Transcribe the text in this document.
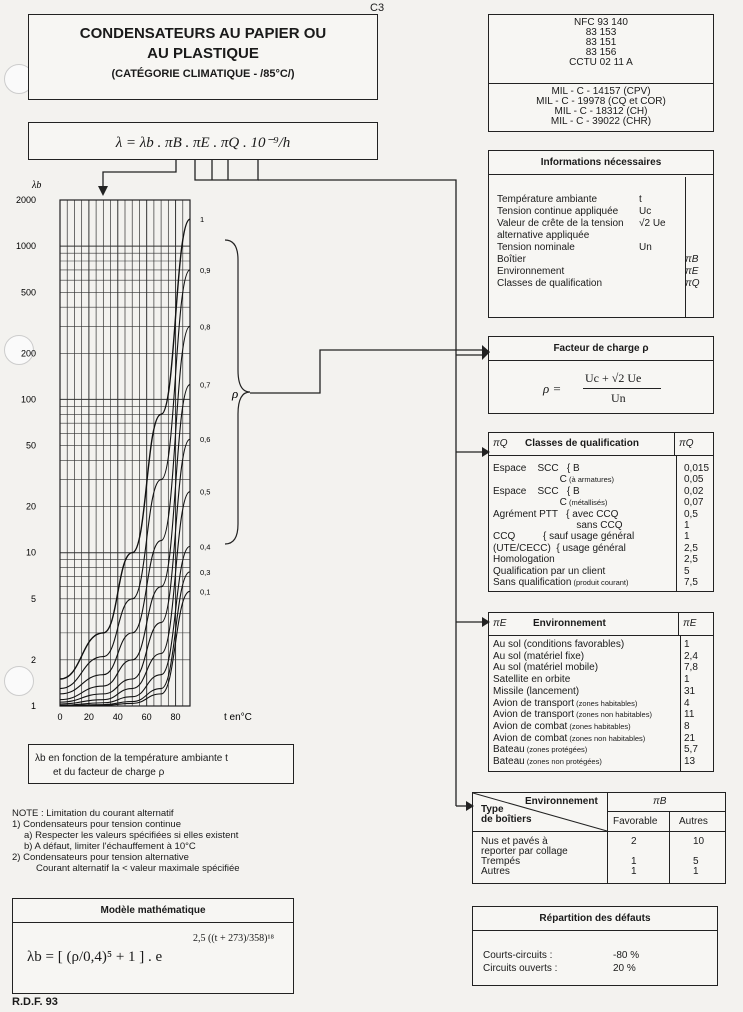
C3
CONDENSATEURS AU PAPIER OU
AU PLASTIQUE
(CATÉGORIE CLIMATIQUE - /85°C/)
NFC 93 140
83 153
83 151
83 156
CCTU 02 11 A
MIL - C - 14157 (CPV)
MIL - C - 19978 (CQ et COR)
MIL - C - 18312 (CH)
MIL - C - 39022 (CHR)
λ = λb . πB . πE . πQ . 10⁻⁹/h
Informations nécessaires
Température ambiante	t
Tension continue appliquée	Uc
Valeur de crête de la tension	√2 Ue
alternative appliquée
Tension nominale	Un
Boîtier	πB
Environnement	πE
Classes de qualification	πQ
Facteur de charge ρ
ρ =
Uc + √2 Ue
Un
πQ	Classes de qualification	πQ
Espace    SCC   { B	0,015
C (à armatures)	0,05
Espace    SCC   { B	0,02
C (métallisés)	0,07
Agrément PTT   { avec CCQ	0,5
sans CCQ	1
CCQ          { sauf usage général	1
(UTE/CECC)  { usage général	2,5
Homologation	2,5
Qualification par un client	5
Sans qualification (produit courant)	7,5
πE	Environnement	πE
Au sol (conditions favorables)	1
Au sol (matériel fixe)	2,4
Au sol (matériel mobile)	7,8
Satellite en orbite	1
Missile (lancement)	31
Avion de transport (zones habitables)	4
Avion de transport (zones non habitables)	11
Avion de combat (zones habitables)	8
Avion de combat (zones non habitables)	21
Bateau (zones protégées)	5,7
Bateau (zones non protégées)	13
Environnement
Type
de boîtiers
πB
Favorable Autres
Nus et pavés à
reporter par collage
2	10
Trempés	1	5
Autres	1	1
Répartition des défauts
Courts-circuits :	-80 %
Circuits ouverts :	20 %
0 20 40 60 80
1
2
5
10
20
50
100
200
500
1000
2000
λb
t en°C
1
0,9
0,8
0,7
0,6
0,5
0,4
0,3
0,1
ρ
λb en fonction de la température ambiante t
et du facteur de charge ρ
NOTE : Limitation du courant alternatif
1) Condensateurs pour tension continue
a) Respecter les valeurs spécifiées si elles existent
b) A défaut, limiter l'échauffement à 10°C
2) Condensateurs pour tension alternative
Courant alternatif Ia < valeur maximale spécifiée
Modèle mathématique
λb = [ (ρ/0,4)⁵ + 1 ] . e
2,5 ((t + 273)/358)¹⁸
R.D.F. 93
